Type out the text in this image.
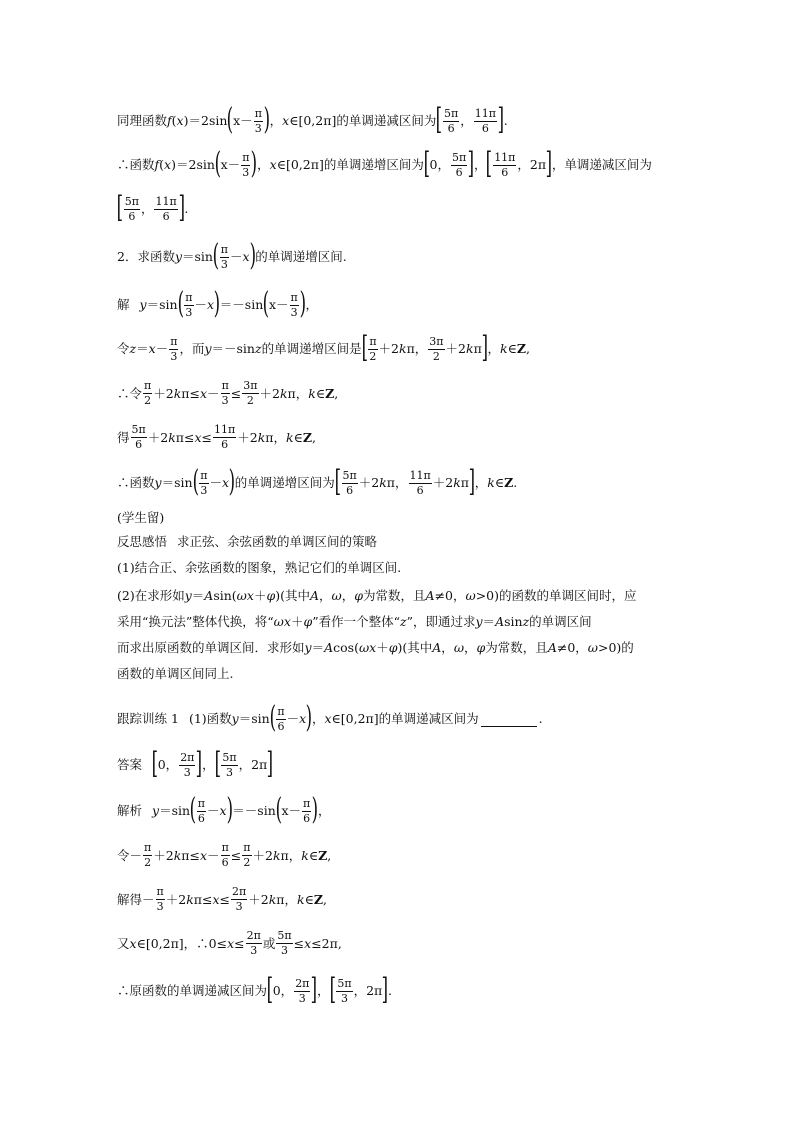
同理函数 f ( x )＝2sin ( $x- \frac{\pi}{3}$ ) ， x ∈[0,2π]的单调递减区间为 [ $\frac{5\pi}{6}$ ， $\frac{11\pi}{6}$ ] .
∴函数 f ( x )＝2sin ( $x- \frac{\pi}{3}$ ) ， x ∈[0,2π]的单调递增区间为 [ 0， $\frac{5\pi}{6}$ ] ， [ $\frac{11\pi}{6}$ ，2π ] ，单调递减区间为
[ $\frac{5\pi}{6}$ ， $\frac{11\pi}{6}$ ] .
2．求函数 y ＝sin ( $\frac{\pi}{3} - x$ ) 的单调递增区间.
解 y ＝sin ( $\frac{\pi}{3} - x$ ) ＝－sin ( $x- \frac{\pi}{3}$ ) ，
令 $z = x - \frac{\pi}{3}$ ，而 y ＝－sin z 的单调递增区间是 [ $\frac{\pi}{2} +2$ k π， $\frac{3\pi}{2} +2$ k π ] ， k ∈ Z ,
∴令 $\frac{\pi}{2} +2$ k $\pi\le x - \frac{\pi}{3} \le \frac{3\pi}{2} +2$ k π， k ∈ Z ,
得 $\frac{5\pi}{6} +2$ k $\pi\le x \le \frac{11\pi}{6} +2$ k π， k ∈ Z ,
∴函数 y ＝sin ( $\frac{\pi}{3} - x$ ) 的单调递增区间为 [ $\frac{5\pi}{6} +2$ k π， $\frac{11\pi}{6} +2$ k π ] ， k ∈ Z .
(学生留)
反思感悟 求正弦、余弦函数的单调区间的策略
(1)结合正、余弦函数的图象，熟记它们的单调区间.
(2)在求形如 y ＝ A sin( ω x ＋ φ )(其中 A ， ω ， φ 为常数，且 A ≠0， ω >0)的函数的单调区间时，应
采用“换元法”整体代换，将“ ω x ＋ φ ”看作一个整体“ z ”，即通过求 y ＝ A sin z 的单调区间
而求出原函数的单调区间．求形如 y ＝ A cos( ω x ＋ φ )(其中 A ， ω ， φ 为常数，且 A ≠0， ω >0)的
函数的单调区间同上.
跟踪训练 1 (1)函数 y ＝sin ( $\frac{\pi}{6} - x$ ) ， x ∈[0,2π]的单调递减区间为	.
答案 [ 0， $\frac{2\pi}{3}$ ] ， [ $\frac{5\pi}{3}$ ，2π ]
解析 y ＝sin ( $\frac{\pi}{6} - x$ ) ＝－sin ( $x- \frac{\pi}{6}$ ) ，
令－ $\frac{\pi}{2} +2$ k $\pi\le x - \frac{\pi}{6} \le \frac{\pi}{2} +2$ k π， k ∈ Z ,
解得－ $\frac{\pi}{3} +2$ k $\pi\le x \le \frac{2\pi}{3} +2$ k π， k ∈ Z ,
又 x ∈[0,2π]，∴0≤ $x \le \frac{2\pi}{3}$ 或 $\frac{5\pi}{3} \le x \le 2\pi$,
∴原函数的单调递减区间为 [ 0， $\frac{2\pi}{3}$ ] ， [ $\frac{5\pi}{3}$ ，2π ] .
